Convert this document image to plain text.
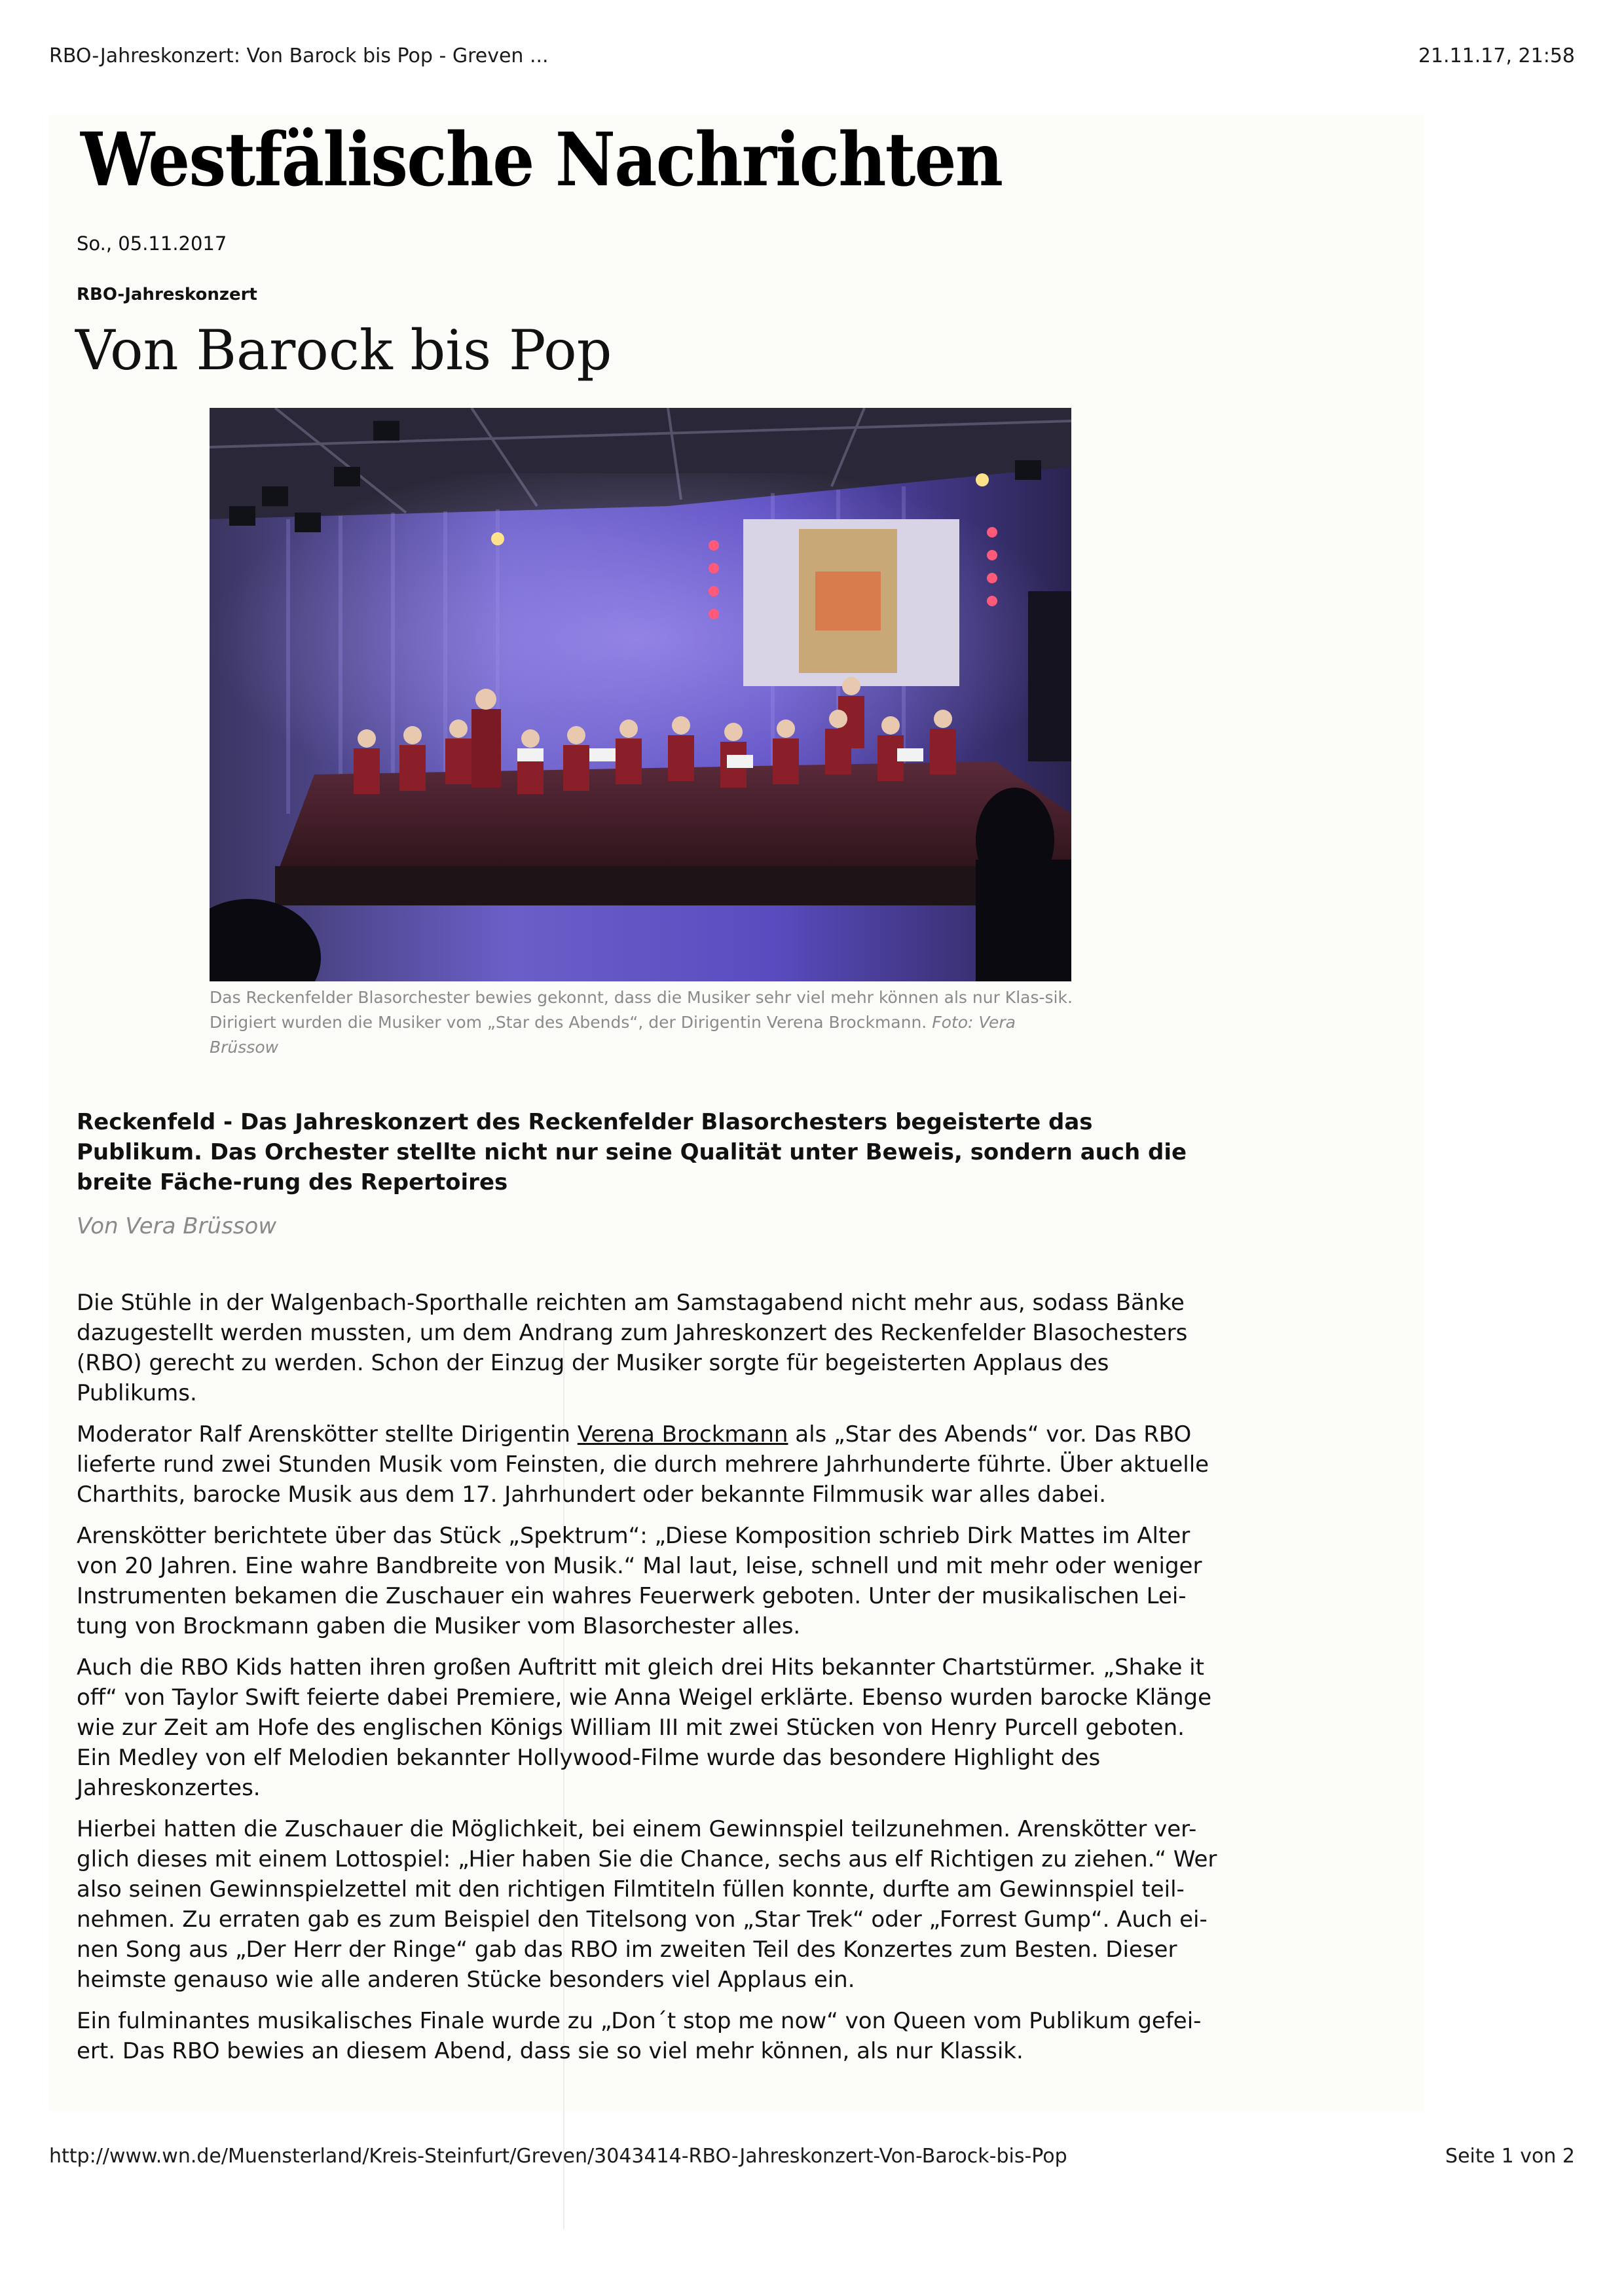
RBO-Jahreskonzert: Von Barock bis Pop - Greven ...	21.11.17, 21:58
Westfälische Nachrichten
So., 05.11.2017
RBO-Jahreskonzert
Von Barock bis Pop

Das Reckenfelder Blasorchester bewies gekonnt, dass die Musiker sehr viel mehr können als nur Klas-sik. Dirigiert wurden die Musiker vom „Star des Abends“, der Dirigentin Verena Brockmann. Foto: Vera Brüssow

Reckenfeld - Das Jahreskonzert des Reckenfelder Blasorchesters begeisterte das Publikum. Das Orchester stellte nicht nur seine Qualität unter Beweis, sondern auch die breite Fäche-rung des Repertoires

Von Vera Brüssow

Die Stühle in der Walgenbach-Sporthalle reichten am Samstagabend nicht mehr aus, sodass Bänke dazugestellt werden mussten, um dem Andrang zum Jahreskonzert des Reckenfelder Blasochesters (RBO) gerecht zu werden. Schon der Einzug der Musiker sorgte für begeisterten Applaus des Publikums.

Moderator Ralf Arenskötter stellte Dirigentin Verena Brockmann als „Star des Abends“ vor. Das RBO lieferte rund zwei Stunden Musik vom Feinsten, die durch mehrere Jahrhunderte führte. Über aktuelle Charthits, barocke Musik aus dem 17. Jahrhundert oder bekannte Filmmusik war alles dabei.

Arenskötter berichtete über das Stück „Spektrum“: „Diese Komposition schrieb Dirk Mattes im Alter von 20 Jahren. Eine wahre Bandbreite von Musik.“ Mal laut, leise, schnell und mit mehr oder weniger Instrumenten bekamen die Zuschauer ein wahres Feuerwerk geboten. Unter der musikalischen Lei-tung von Brockmann gaben die Musiker vom Blasorchester alles.

Auch die RBO Kids hatten ihren großen Auftritt mit gleich drei Hits bekannter Chartstürmer. „Shake it off“ von Taylor Swift feierte dabei Premiere, wie Anna Weigel erklärte. Ebenso wurden barocke Klänge wie zur Zeit am Hofe des englischen Königs William III mit zwei Stücken von Henry Purcell geboten. Ein Medley von elf Melodien bekannter Hollywood-Filme wurde das besondere Highlight des Jahreskonzertes.

Hierbei hatten die Zuschauer die Möglichkeit, bei einem Gewinnspiel teilzunehmen. Arenskötter ver-glich dieses mit einem Lottospiel: „Hier haben Sie die Chance, sechs aus elf Richtigen zu ziehen.“ Wer also seinen Gewinnspielzettel mit den richtigen Filmtiteln füllen konnte, durfte am Gewinnspiel teil-nehmen. Zu erraten gab es zum Beispiel den Titelsong von „Star Trek“ oder „Forrest Gump“. Auch ei-nen Song aus „Der Herr der Ringe“ gab das RBO im zweiten Teil des Konzertes zum Besten. Dieser heimste genauso wie alle anderen Stücke besonders viel Applaus ein.

Ein fulminantes musikalisches Finale wurde zu „Don´t stop me now“ von Queen vom Publikum gefei-ert. Das RBO bewies an diesem Abend, dass sie so viel mehr können, als nur Klassik.

http://www.wn.de/Muensterland/Kreis-Steinfurt/Greven/3043414-RBO-Jahreskonzert-Von-Barock-bis-Pop	Seite 1 von 2
